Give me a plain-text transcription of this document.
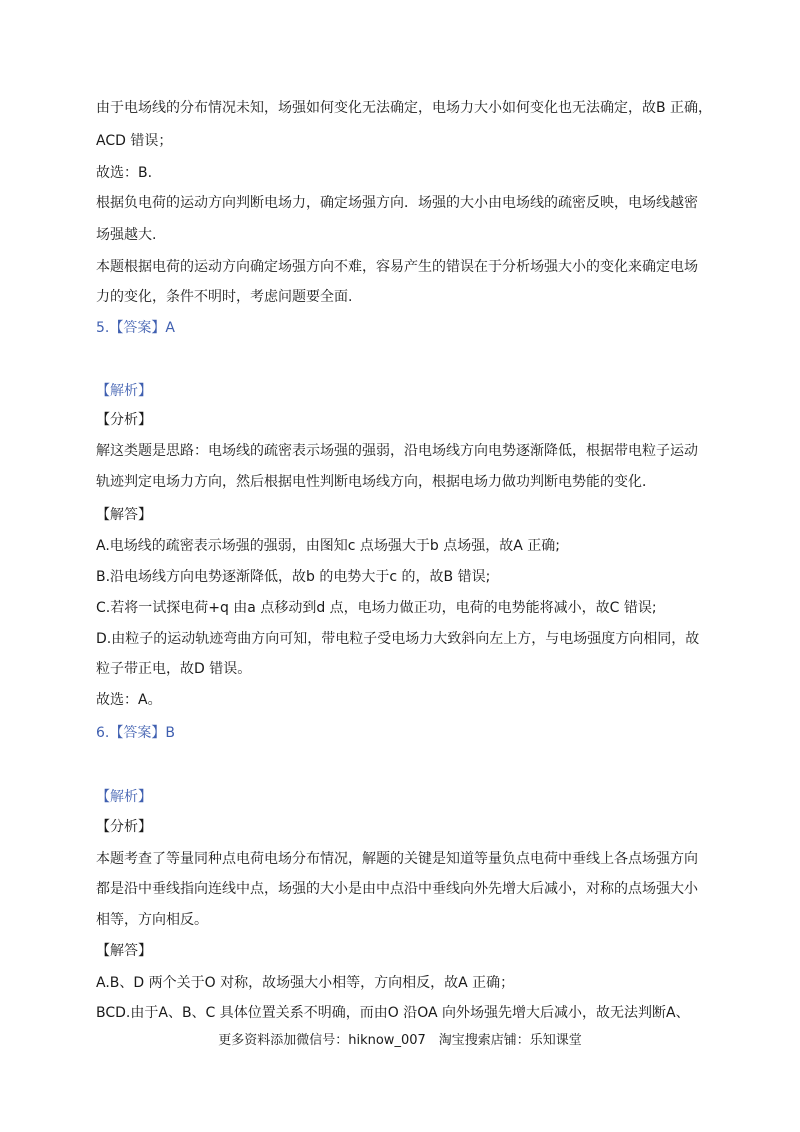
由于电场线的分布情况未知，场强如何变化无法确定，电场力大小如何变化也无法确定，故B 正确，
ACD 错误；
故选：B.
根据负电荷的运动方向判断电场力，确定场强方向．场强的大小由电场线的疏密反映，电场线越密
场强越大.
本题根据电荷的运动方向确定场强方向不难，容易产生的错误在于分析场强大小的变化来确定电场
力的变化，条件不明时，考虑问题要全面.
5.【答案】A
【解析】
【分析】
解这类题是思路：电场线的疏密表示场强的强弱，沿电场线方向电势逐渐降低，根据带电粒子运动
轨迹判定电场力方向，然后根据电性判断电场线方向，根据电场力做功判断电势能的变化．
【解答】
A.电场线的疏密表示场强的强弱，由图知c 点场强大于b 点场强，故A 正确;
B.沿电场线方向电势逐渐降低，故b 的电势大于c 的，故B 错误;
C.若将一试探电荷+q 由a 点移动到d 点，电场力做正功，电荷的电势能将减小，故C 错误;
D.由粒子的运动轨迹弯曲方向可知，带电粒子受电场力大致斜向左上方，与电场强度方向相同，故
粒子带正电，故D 错误。
故选：A。
6.【答案】B
【解析】
【分析】
本题考查了等量同种点电荷电场分布情况，解题的关键是知道等量负点电荷中垂线上各点场强方向
都是沿中垂线指向连线中点，场强的大小是由中点沿中垂线向外先增大后减小，对称的点场强大小
相等，方向相反。
【解答】
A.B、D 两个关于O 对称，故场强大小相等，方向相反，故A 正确；
BCD.由于A、B、C 具体位置关系不明确，而由O 沿OA 向外场强先增大后减小，故无法判断A、
更多资料添加微信号：hiknow_007　淘宝搜索店铺：乐知课堂
